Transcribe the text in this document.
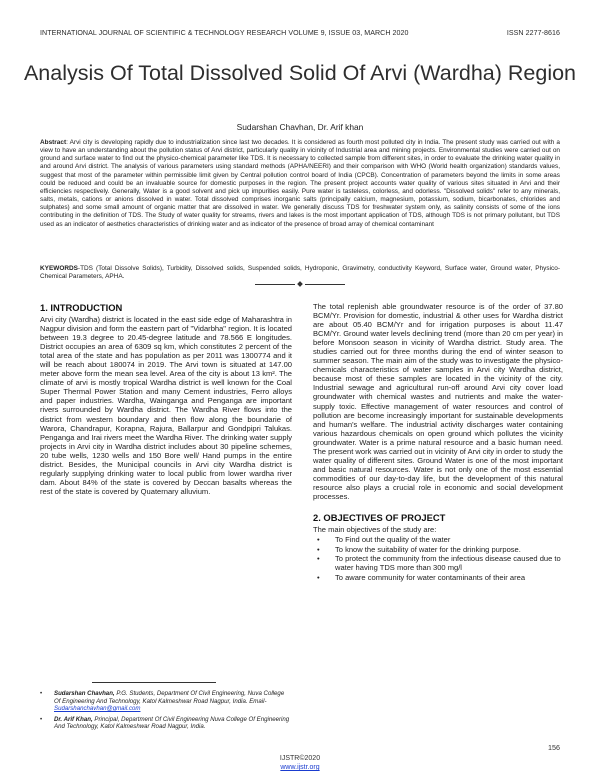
INTERNATIONAL JOURNAL OF SCIENTIFIC & TECHNOLOGY RESEARCH VOLUME 9, ISSUE 03, MARCH 2020	ISSN 2277-8616
Analysis Of Total Dissolved Solid Of Arvi (Wardha) Region
Sudarshan Chavhan, Dr. Arif khan
Abstract: Arvi city is developing rapidly due to industrialization since last two decades. It is considered as fourth most polluted city in India. The present study was carried out with a view to have an understanding about the pollution status of Arvi district, particularly quality in vicinity of Industrial area and mining projects. Environmental studies were carried out on ground and surface water to find out the physico-chemical parameter like TDS. It is necessary to collected sample from different sites, in order to evaluate the drinking water quality in and around Arvi district. The analysis of various parameters using standard methods (APHA/NEERI) and their comparison with WHO (World health organization) standards values, suggest that most of the parameter within permissible limit given by Central pollution control board of India (CPCB). Concentration of parameters beyond the limits in some areas could be reduced and could be an invaluable source for domestic purposes in the region. The present project accounts water quality of various sites situated in Arvi and their efficiencies respectively. Generally, Water is a good solvent and pick up impurities easily. Pure water is tasteless, colorless, and odorless. "Dissolved solids" refer to any minerals, salts, metals, cations or anions dissolved in water. Total dissolved comprises inorganic salts (principally calcium, magnesium, potassium, sodium, bicarbonates, chlorides and sulphates) and some small amount of organic matter that are dissolved in water. We generally discuss TDS for freshwater system only, as salinity consists of some of the ions contributing in the definition of TDS. The Study of water quality for streams, rivers and lakes is the most important application of TDS, although TDS is not primary pollutant, but TDS used as an indicator of aesthetics characteristics of drinking water and as indicator of the presence of broad array of chemical contaminant
KYEWORDS-TDS (Total Dissolve Solids), Turbidity, Dissolved solids, Suspended solids, Hydroponic, Gravimetry, conductivity Keyword, Surface water, Ground water, Physico-Chemical Parameters, APHA.
1. INTRODUCTION

Arvi city (Wardha) district is located in the east side edge of Maharashtra in Nagpur division and form the eastern part of "Vidarbha" region. It is located between 19.3 degree to 20.45-degree latitude and 78.566 E longitudes. District occupies an area of 6309 sq km, which constitutes 2 percent of the total area of the state and has population as per 2011 was 1300774 and it will be reach about 180074 in 2019. The Arvi town is situated at 147.00 meter above form the mean sea level. Area of the city is about 13 km². The climate of arvi is mostly tropical Wardha district is well known for the Coal Super Thermal Power Station and many Cement industries, Ferro alloys and paper industries. Wardha, Wainganga and Penganga are important rivers surrounded by Wardha district. The Wardha River flows into the district from western boundary and then flow along the boundarie of Warora, Chandrapur, Korapna, Rajura, Ballarpur and Gondpipri Talukas. Penganga and Irai rivers meet the Wardha River. The drinking water supply projects in Arvi city in Wardha district includes about 30 pipeline schemes, 20 tube wells, 1230 wells and 150 Bore well/ Hand pumps in the entire district. Besides, the Municipal councils in Arvi city Wardha district is regularly supplying drinking water to local public from lower wardha river dam. About 84% of the state is covered by Deccan basalts whereas the rest of the state is covered by Quaternary alluvium.

• Sudarshan Chavhan, P.G. Students, Department Of Civil Engineering, Nuva College Of Engineering And Technology, Katol Kalmeshwar Road Nagpur, India. Email- Sudarshanchavhan@gmail.com
• Dr. Arif Khan, Principal, Department Of Civil Engineering Nuva College Of Engineering And Technology, Katol Kalmeshwar Road Nagpur, India.

The total replenish able groundwater resource is of the order of 37.80 BCM/Yr. Provision for domestic, industrial & other uses for Wardha district are about 05.40 BCM/Yr and for irrigation purposes is about 11.47 BCM/Yr. Ground water levels declining trend (more than 20 cm per year) in before Monsoon season in vicinity of Wardha district. Study area. The studies carried out for three months during the end of winter season to summer season. The main aim of the study was to investigate the physico-chemicals characteristics of water samples in Arvi city Wardha district, because most of these samples are located in the vicinity of the city. Industrial sewage and agricultural run-off around Arvi city cover load groundwater with chemical wastes and nutrients and make the water-supply toxic. Effective management of water resources and control of pollution are become increasingly important for sustainable developments and human's welfare. The industrial activity discharges water containing various hazardous chemicals on open ground which pollutes the vicinity groundwater. Water is a prime natural resource and a basic human need. The present work was carried out in vicinity of Arvi city in order to study the water quality of different sites. Ground Water is one of the most important and basic natural resources. Water is not only one of the most essential commodities of our day-to-day life, but the development of this natural resource also plays a crucial role in economic and social development processes.

2. OBJECTIVES OF PROJECT

The main objectives of the study are:

• To Find out the quality of the water
• To know the suitability of water for the drinking purpose.
• To protect the community from the infectious disease caused due to water having TDS more than 300 mg/l
• To aware community for water contaminants of their area
156
IJSTR©2020
www.ijstr.org
